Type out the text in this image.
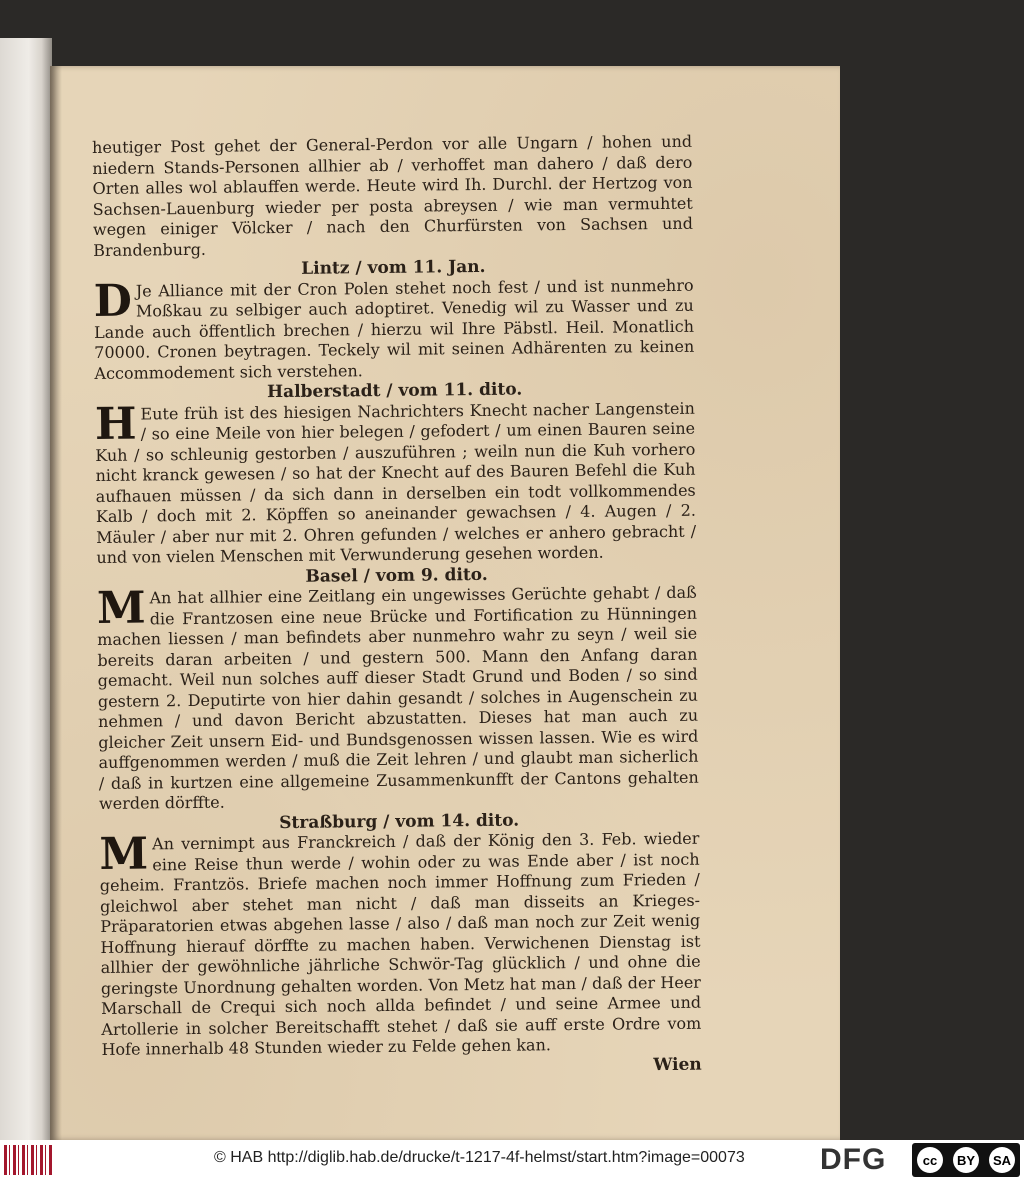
heutiger Post gehet der General-Perdon vor alle Ungarn / hohen und niedern Stands-Personen allhier ab / verhoffet man dahero / daß dero Orten alles wol ablauffen werde. Heute wird Ih. Durchl. der Hertzog von Sachsen-Lauenburg wieder per posta abreysen / wie man vermuhtet wegen einiger Völcker / nach den Churfürsten von Sachsen und Brandenburg.

Lintz / vom 11. Jan.

D Je Alliance mit der Cron Polen stehet noch fest / und ist nunmehro Moßkau zu selbiger auch adoptiret. Venedig wil zu Wasser und zu Lande auch öffentlich brechen / hierzu wil Ihre Päbstl. Heil. Monatlich 70000. Cronen beytragen. Teckely wil mit seinen Adhärenten zu keinen Accommodement sich verstehen.

Halberstadt / vom 11. dito.

H Eute früh ist des hiesigen Nachrichters Knecht nacher Langenstein / so eine Meile von hier belegen / gefodert / um einen Bauren seine Kuh / so schleunig gestorben / auszuführen ; weiln nun die Kuh vorhero nicht kranck gewesen / so hat der Knecht auf des Bauren Befehl die Kuh aufhauen müssen / da sich dann in derselben ein todt vollkommendes Kalb / doch mit 2. Köpffen so aneinander gewachsen / 4. Augen / 2. Mäuler / aber nur mit 2. Ohren gefunden / welches er anhero gebracht / und von vielen Menschen mit Verwunderung gesehen worden.

Basel / vom 9. dito.

M An hat allhier eine Zeitlang ein ungewisses Gerüchte gehabt / daß die Frantzosen eine neue Brücke und Fortification zu Hünningen machen liessen / man befindets aber nunmehro wahr zu seyn / weil sie bereits daran arbeiten / und gestern 500. Mann den Anfang daran gemacht. Weil nun solches auff dieser Stadt Grund und Boden / so sind gestern 2. Deputirte von hier dahin gesandt / solches in Augenschein zu nehmen / und davon Bericht abzustatten. Dieses hat man auch zu gleicher Zeit unsern Eid- und Bundsgenossen wissen lassen. Wie es wird auffgenommen werden / muß die Zeit lehren / und glaubt man sicherlich / daß in kurtzen eine allgemeine Zusammenkunfft der Cantons gehalten werden dörffte.

Straßburg / vom 14. dito.

M An vernimpt aus Franckreich / daß der König den 3. Feb. wieder eine Reise thun werde / wohin oder zu was Ende aber / ist noch geheim. Frantzös. Briefe machen noch immer Hoffnung zum Frieden / gleichwol aber stehet man nicht / daß man disseits an Krieges-Präparatorien etwas abgehen lasse / also / daß man noch zur Zeit wenig Hoffnung hierauf dörffte zu machen haben. Verwichenen Dienstag ist allhier der gewöhnliche jährliche Schwör-Tag glücklich / und ohne die geringste Unordnung gehalten worden. Von Metz hat man / daß der Heer Marschall de Crequi sich noch allda befindet / und seine Armee und Artollerie in solcher Bereitschafft stehet / daß sie auff erste Ordre vom Hofe innerhalb 48 Stunden wieder zu Felde gehen kan.

Wien

© HAB http://diglib.hab.de/drucke/t-1217-4f-helmst/start.htm?image=00073	DFG	cc	BY	SA
